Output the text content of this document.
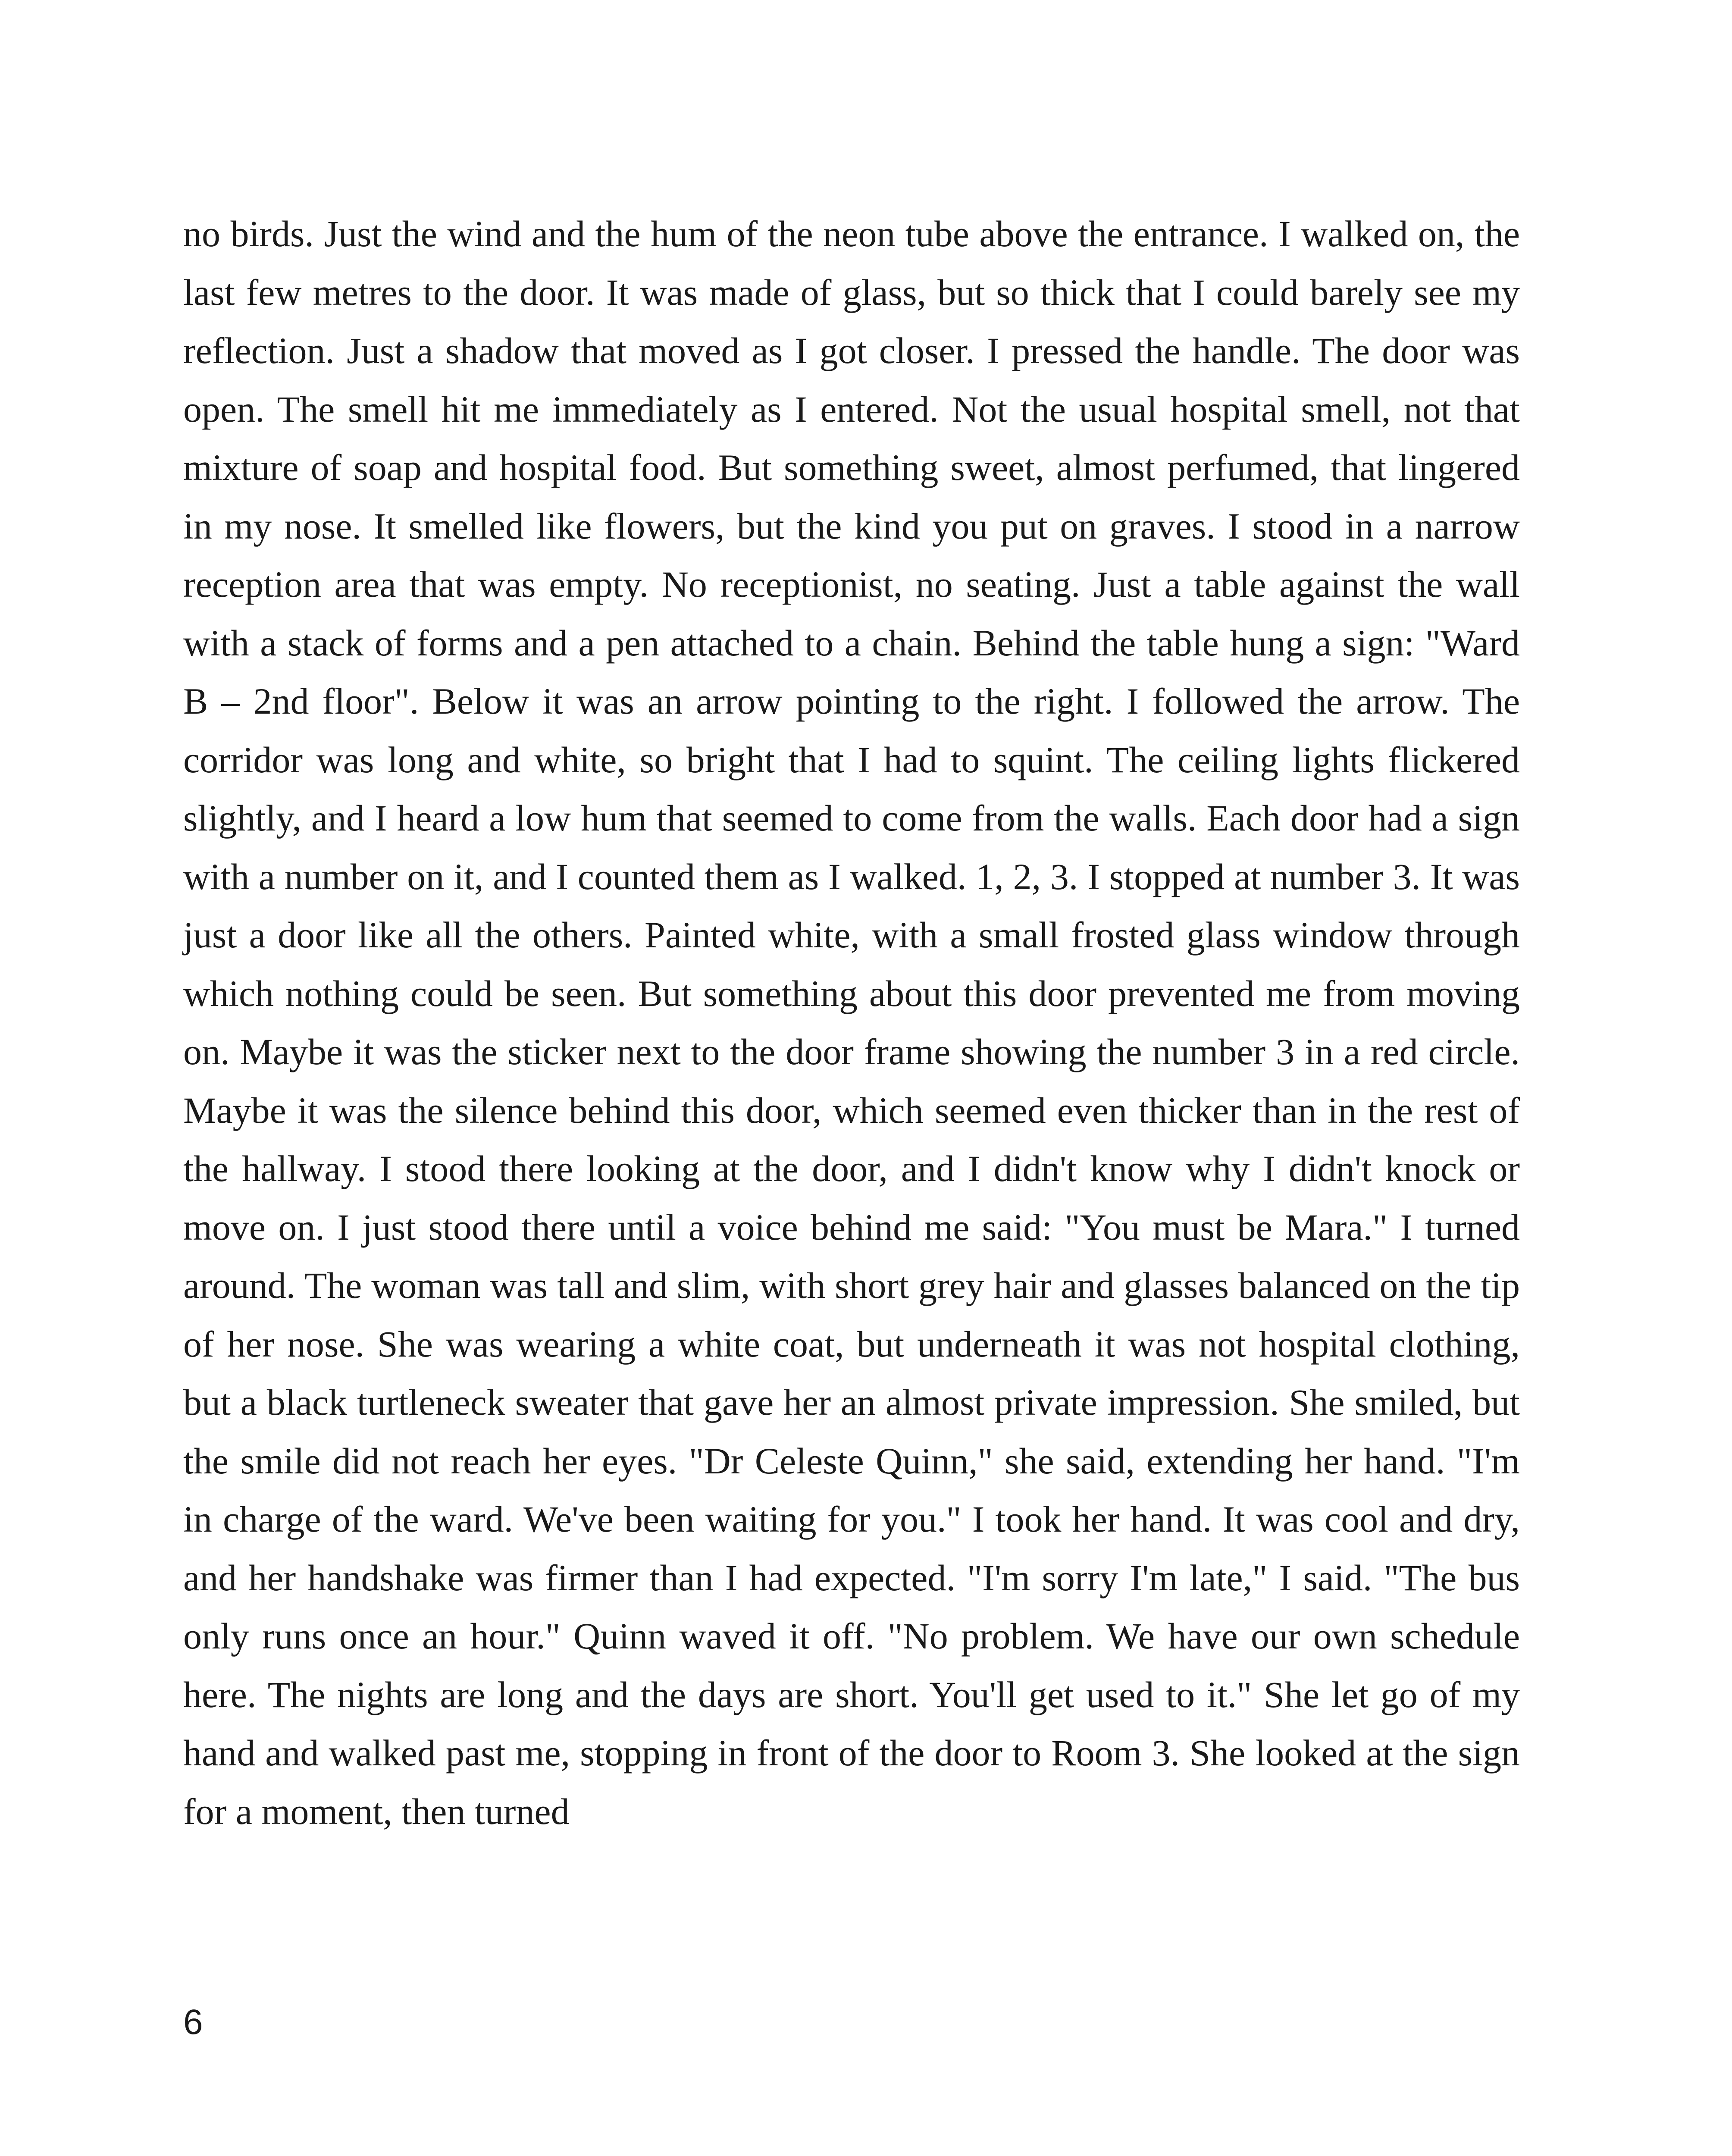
no birds. Just the wind and the hum of the neon tube above the entrance. I walked on, the last few metres to the door. It was made of glass, but so thick that I could barely see my reflection. Just a shadow that moved as I got closer. I pressed the handle. The door was open. The smell hit me immediately as I entered. Not the usual hospital smell, not that mixture of soap and hospital food. But something sweet, almost perfumed, that lingered in my nose. It smelled like flowers, but the kind you put on graves. I stood in a narrow reception area that was empty. No receptionist, no seating. Just a table against the wall with a stack of forms and a pen attached to a chain. Behind the table hung a sign: "Ward B – 2nd floor". Below it was an arrow pointing to the right. I followed the arrow. The corridor was long and white, so bright that I had to squint. The ceiling lights flickered slightly, and I heard a low hum that seemed to come from the walls. Each door had a sign with a number on it, and I counted them as I walked. 1, 2, 3. I stopped at number 3. It was just a door like all the others. Painted white, with a small frosted glass window through which nothing could be seen. But something about this door prevented me from moving on. Maybe it was the sticker next to the door frame showing the number 3 in a red circle. Maybe it was the silence behind this door, which seemed even thicker than in the rest of the hallway. I stood there looking at the door, and I didn't know why I didn't knock or move on. I just stood there until a voice behind me said: "You must be Mara." I turned around. The woman was tall and slim, with short grey hair and glasses balanced on the tip of her nose. She was wearing a white coat, but underneath it was not hospital clothing, but a black turtleneck sweater that gave her an almost private impression. She smiled, but the smile did not reach her eyes. "Dr Celeste Quinn," she said, extending her hand. "I'm in charge of the ward. We've been waiting for you." I took her hand. It was cool and dry, and her handshake was firmer than I had expected. "I'm sorry I'm late," I said. "The bus only runs once an hour." Quinn waved it off. "No problem. We have our own schedule here. The nights are long and the days are short. You'll get used to it." She let go of my hand and walked past me, stopping in front of the door to Room 3. She looked at the sign for a moment, then turned

6
